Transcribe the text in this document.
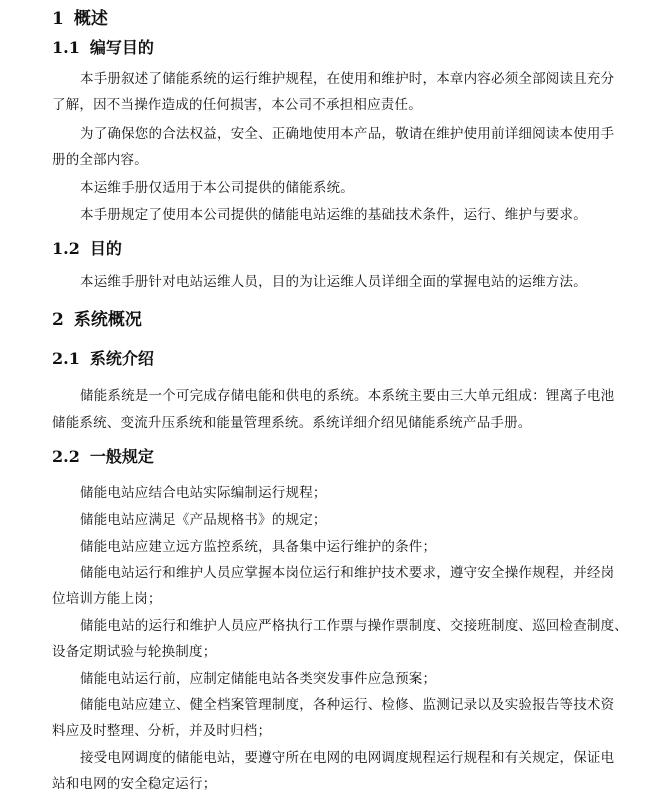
1 概述
1.1 编写目的
本手册叙述了储能系统的运行维护规程，在使用和维护时，本章内容必须全部阅读且充分
了解，因不当操作造成的任何损害，本公司不承担相应责任。
为了确保您的合法权益，安全、正确地使用本产品，敬请在维护使用前详细阅读本使用手
册的全部内容。
本运维手册仅适用于本公司提供的储能系统。
本手册规定了使用本公司提供的储能电站运维的基础技术条件，运行、维护与要求。
1.2 目的
本运维手册针对电站运维人员，目的为让运维人员详细全面的掌握电站的运维方法。
2 系统概况
2.1 系统介绍
储能系统是一个可完成存储电能和供电的系统。本系统主要由三大单元组成：锂离子电池
储能系统、变流升压系统和能量管理系统。系统详细介绍见储能系统产品手册。
2.2 一般规定
储能电站应结合电站实际编制运行规程；
储能电站应满足《产品规格书》的规定；
储能电站应建立远方监控系统，具备集中运行维护的条件；
储能电站运行和维护人员应掌握本岗位运行和维护技术要求，遵守安全操作规程，并经岗
位培训方能上岗；
储能电站的运行和维护人员应严格执行工作票与操作票制度、交接班制度、巡回检查制度、
设备定期试验与轮换制度；
储能电站运行前，应制定储能电站各类突发事件应急预案；
储能电站应建立、健全档案管理制度，各种运行、检修、监测记录以及实验报告等技术资
料应及时整理、分析，并及时归档；
接受电网调度的储能电站，要遵守所在电网的电网调度规程运行规程和有关规定，保证电
站和电网的安全稳定运行；
